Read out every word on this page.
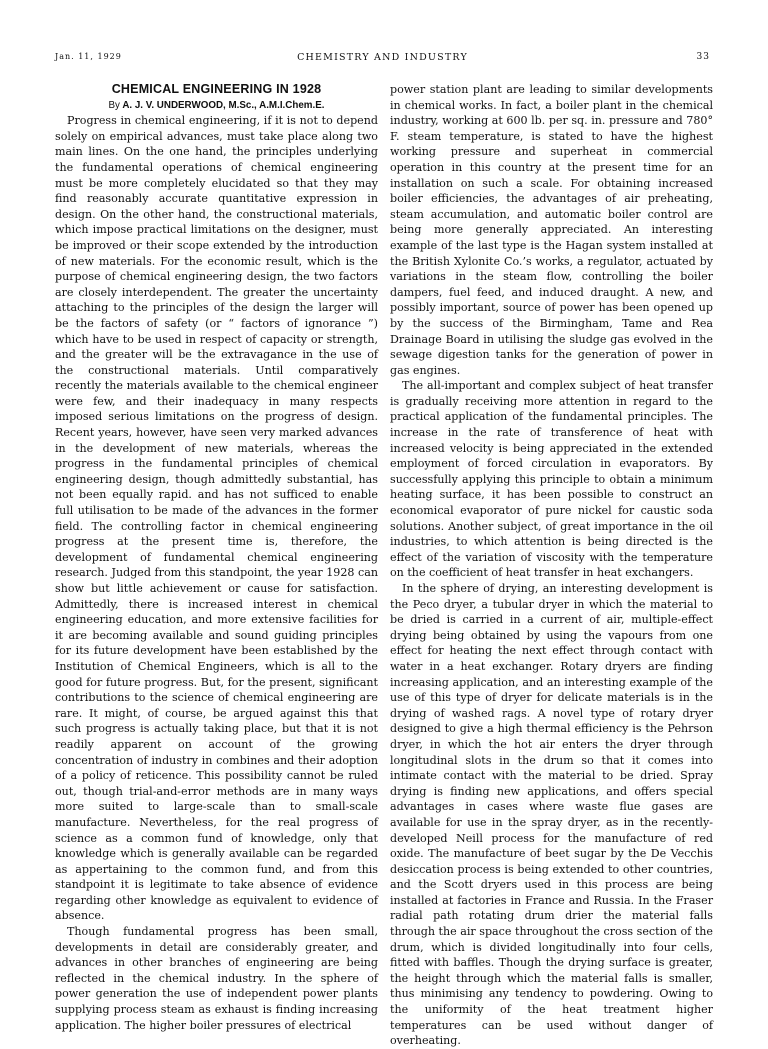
Jan. 11, 1929	CHEMISTRY AND INDUSTRY	33

CHEMICAL ENGINEERING IN 1928

By A. J. V. UNDERWOOD, M.Sc., A.M.I.Chem.E.

Progress in chemical engineering, if it is not to depend solely on empirical advances, must take place along two main lines. On the one hand, the principles underlying the fundamental operations of chemical engineering must be more completely elucidated so that they may find reasonably accurate quantitative expression in design. On the other hand, the constructional materials, which impose practical limitations on the designer, must be improved or their scope extended by the introduction of new materials. For the economic result, which is the purpose of chemical engineering design, the two factors are closely interdependent. The greater the uncertainty attaching to the principles of the design the larger will be the factors of safety (or “ factors of ignorance ”) which have to be used in respect of capacity or strength, and the greater will be the extravagance in the use of the constructional materials. Until comparatively recently the materials available to the chemical engineer were few, and their inadequacy in many respects imposed serious limitations on the progress of design. Recent years, however, have seen very marked advances in the development of new materials, whereas the progress in the fundamental principles of chemical engineering design, though admittedly substantial, has not been equally rapid. and has not sufficed to enable full utilisation to be made of the advances in the former field. The controlling factor in chemical engineering progress at the present time is, therefore, the development of fundamental chemical engineering research. Judged from this standpoint, the year 1928 can show but little achievement or cause for satisfaction. Admittedly, there is increased interest in chemical engineering education, and more extensive facilities for it are becoming available and sound guiding principles for its future development have been established by the Institution of Chemical Engineers, which is all to the good for future progress. But, for the present, significant contributions to the science of chemical engineering are rare. It might, of course, be argued against this that such progress is actually taking place, but that it is not readily apparent on account of the growing concentration of industry in combines and their adoption of a policy of reticence. This possibility cannot be ruled out, though trial-and-error methods are in many ways more suited to large-scale than to small-scale manufacture. Nevertheless, for the real progress of science as a common fund of knowledge, only that knowledge which is generally available can be regarded as appertaining to the common fund, and from this standpoint it is legitimate to take absence of evidence regarding other knowledge as equivalent to evidence of absence.

Though fundamental progress has been small, developments in detail are considerably greater, and advances in other branches of engineering are being reflected in the chemical industry. In the sphere of power generation the use of independent power plants supplying process steam as exhaust is finding increasing application. The higher boiler pressures of electrical

power station plant are leading to similar developments in chemical works. In fact, a boiler plant in the chemical industry, working at 600 lb. per sq. in. pressure and 780° F. steam temperature, is stated to have the highest working pressure and superheat in commercial operation in this country at the present time for an installation on such a scale. For obtaining increased boiler efficiencies, the advantages of air preheating, steam accumulation, and automatic boiler control are being more generally appreciated. An interesting example of the last type is the Hagan system installed at the British Xylonite Co.’s works, a regulator, actuated by variations in the steam flow, controlling the boiler dampers, fuel feed, and induced draught. A new, and possibly important, source of power has been opened up by the success of the Birmingham, Tame and Rea Drainage Board in utilising the sludge gas evolved in the sewage digestion tanks for the generation of power in gas engines.

The all-important and complex subject of heat transfer is gradually receiving more attention in regard to the practical application of the fundamental principles. The increase in the rate of transference of heat with increased velocity is being appreciated in the extended employment of forced circulation in evaporators. By successfully applying this principle to obtain a minimum heating surface, it has been possible to construct an economical evaporator of pure nickel for caustic soda solutions. Another subject, of great importance in the oil industries, to which attention is being directed is the effect of the variation of viscosity with the temperature on the coefficient of heat transfer in heat exchangers.

In the sphere of drying, an interesting development is the Peco dryer, a tubular dryer in which the material to be dried is carried in a current of air, multiple-effect drying being obtained by using the vapours from one effect for heating the next effect through contact with water in a heat exchanger. Rotary dryers are finding increasing application, and an interesting example of the use of this type of dryer for delicate materials is in the drying of washed rags. A novel type of rotary dryer designed to give a high thermal efficiency is the Pehrson dryer, in which the hot air enters the dryer through longitudinal slots in the drum so that it comes into intimate contact with the material to be dried. Spray drying is finding new applications, and offers special advantages in cases where waste flue gases are available for use in the spray dryer, as in the recently-developed Neill process for the manufacture of red oxide. The manufacture of beet sugar by the De Vecchis desiccation process is being extended to other countries, and the Scott dryers used in this process are being installed at factories in France and Russia. In the Fraser radial path rotating drum drier the material falls through the air space throughout the cross section of the drum, which is divided longitudinally into four cells, fitted with baffles. Though the drying surface is greater, the height through which the material falls is smaller, thus minimising any tendency to powdering. Owing to the uniformity of the heat treatment higher temperatures can be used without danger of overheating.
